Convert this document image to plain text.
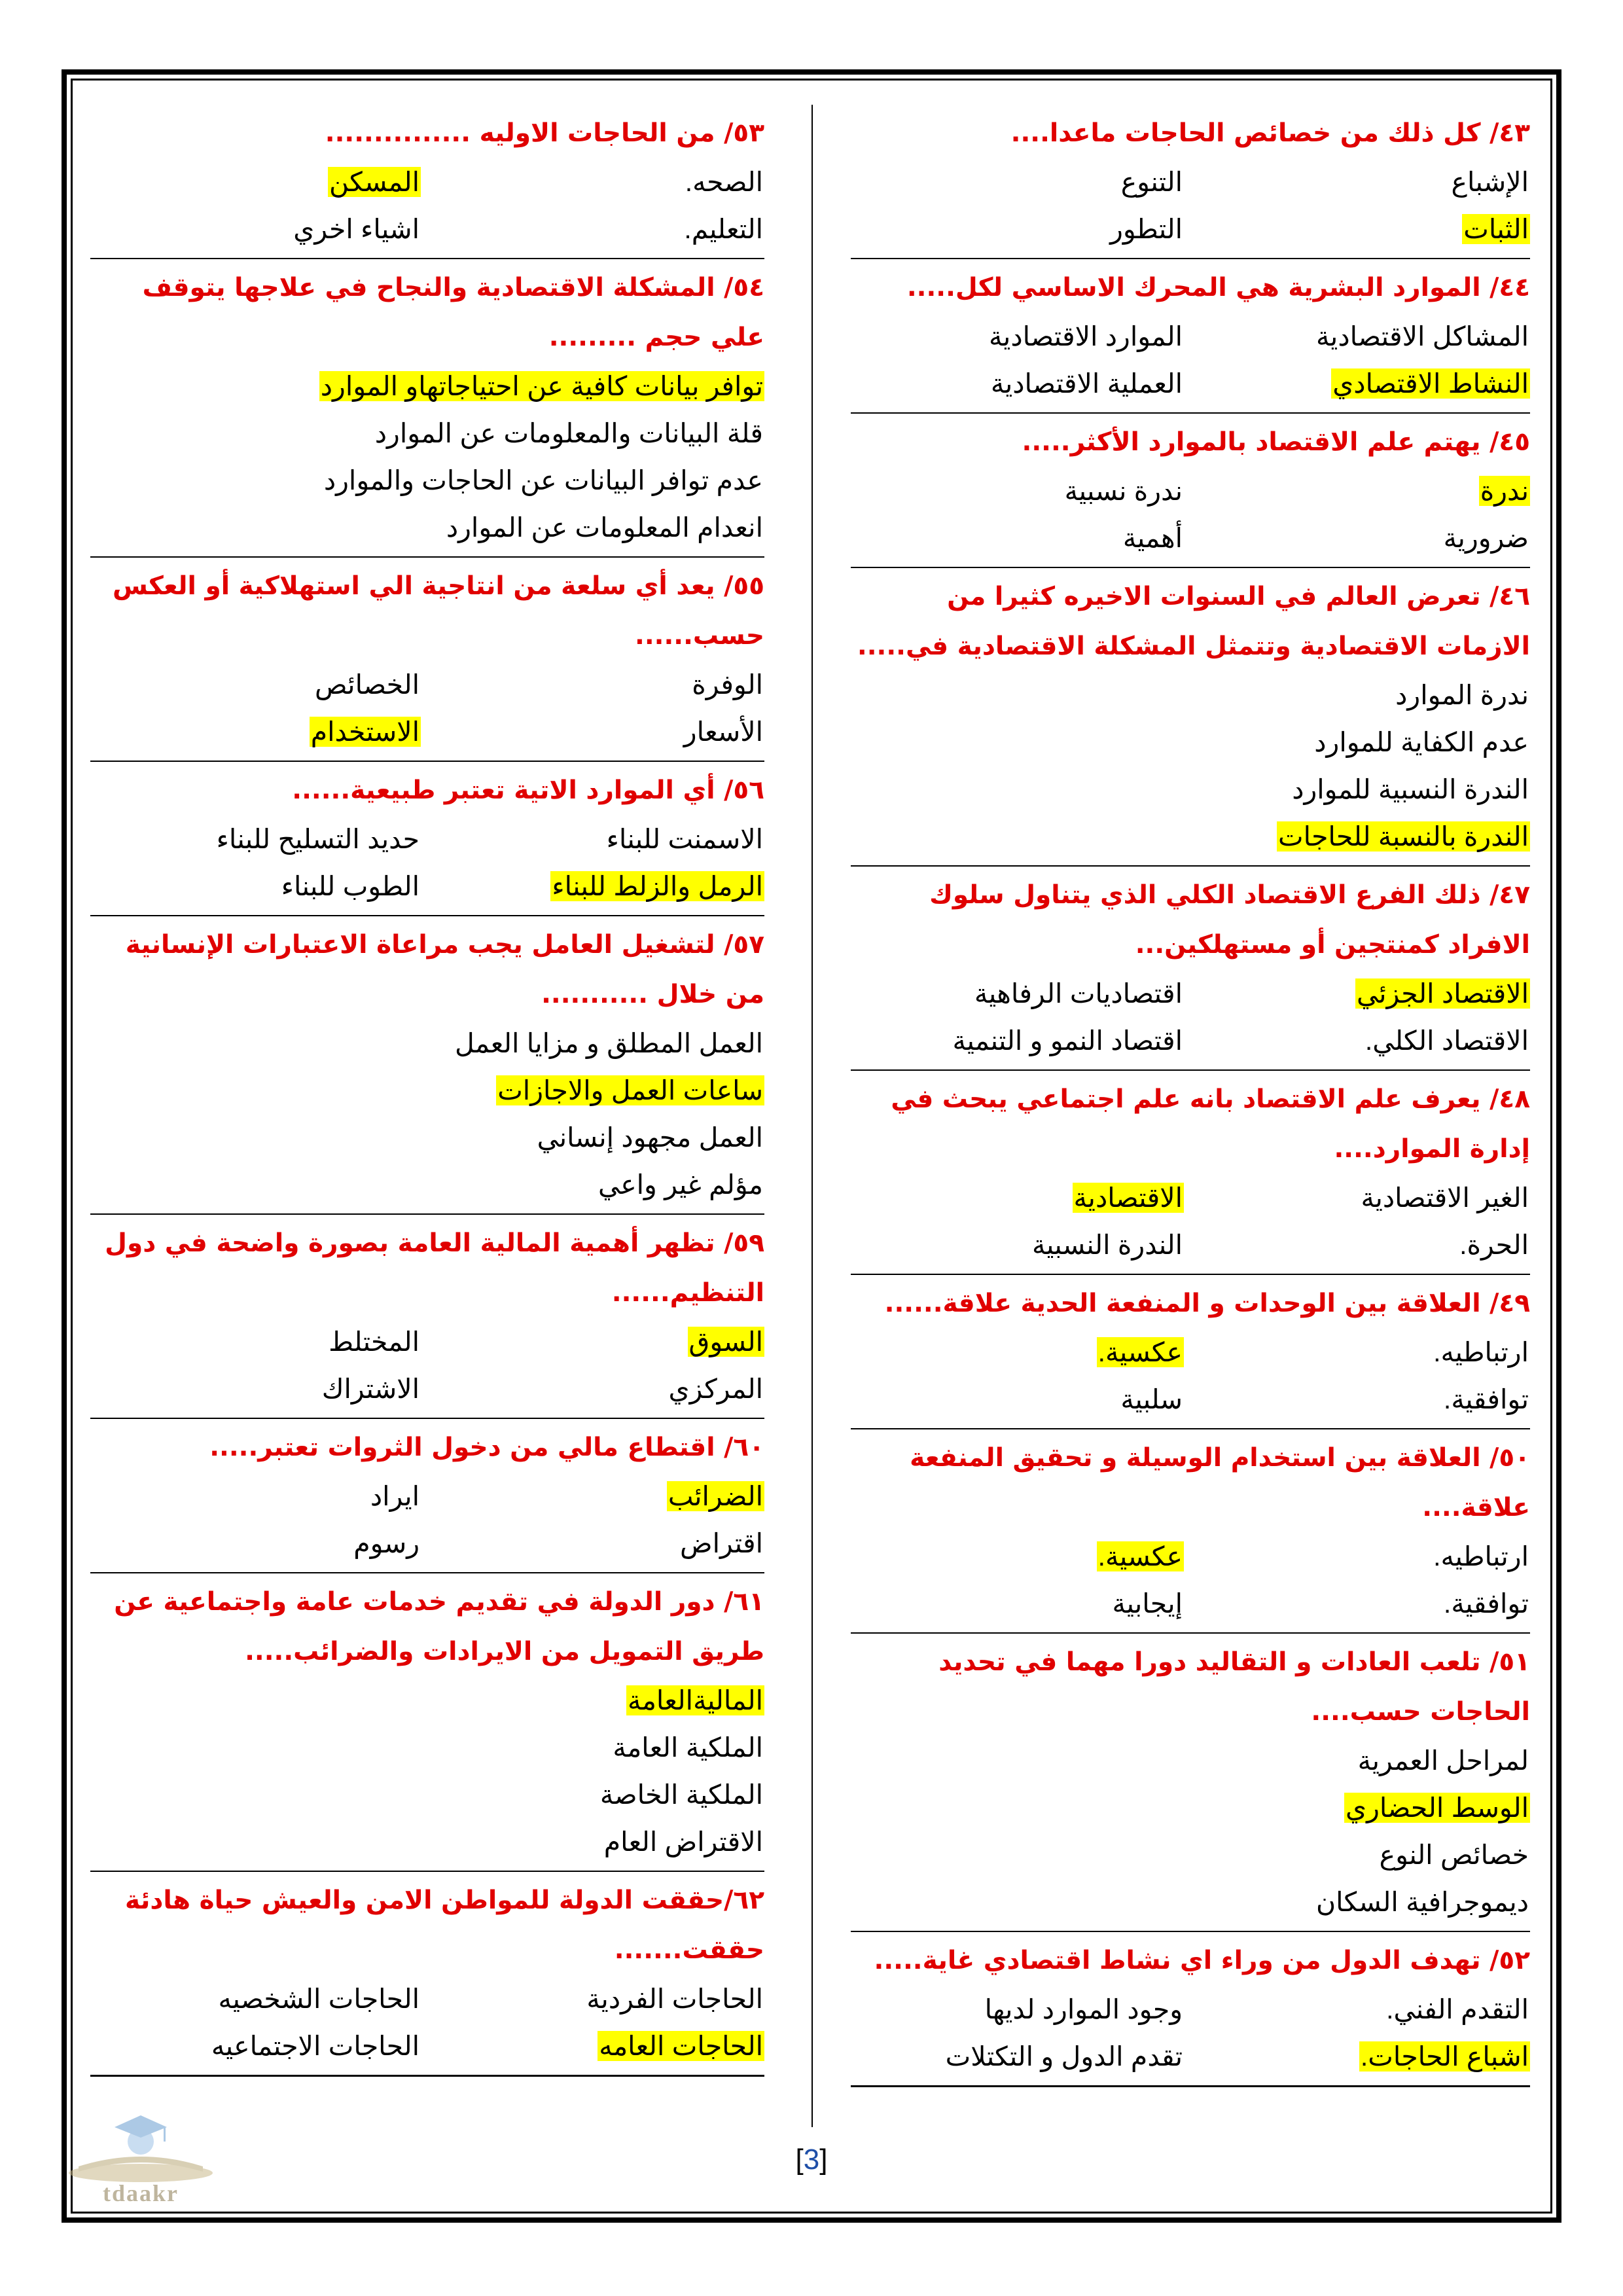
٤٣/ كل ذلك من خصائص الحاجات ماعدا....

الإشباع
التنوع
الثبات
التطور

٤٤/ الموارد البشرية هي المحرك الاساسي لكل.....

المشاكل الاقتصادية
الموارد الاقتصادية
النشاط الاقتصادي
العملية الاقتصادية

٤٥/ يهتم علم الاقتصاد بالموارد الأكثر.....

ندرة
ندرة نسبية
ضرورية
أهمية

٤٦/ تعرض العالم في السنوات الاخيره كثيرا من الازمات الاقتصادية وتتمثل المشكلة الاقتصادية في.....

ندرة الموارد
عدم الكفاية للموارد
الندرة النسبية للموارد
الندرة بالنسبة للحاجات

٤٧/ ذلك الفرع الاقتصاد الكلي الذي يتناول سلوك الافراد كمنتجين أو مستهلكين...

الاقتصاد الجزئي
اقتصاديات الرفاهية
الاقتصاد الكلي.
اقتصاد النمو و التنمية

٤٨/ يعرف علم الاقتصاد بانه علم اجتماعي يبحث في إدارة الموارد....

الغير الاقتصادية
الاقتصادية
الحرة.
الندرة النسبية

٤٩/ العلاقة بين الوحدات و المنفعة الحدية علاقة......

ارتباطيه.
عكسية.
توافقية.
سلبية

٥٠/ العلاقة بين استخدام الوسيلة و تحقيق المنفعة علاقة....

ارتباطيه.
عكسية.
توافقية.
إيجابية

٥١/ تلعب العادات و التقاليد دورا مهما في تحديد الحاجات حسب....

لمراحل العمرية
الوسط الحضاري
خصائص النوع
ديموجرافية السكان

٥٢/ تهدف الدول من وراء اي نشاط اقتصادي غاية.....

التقدم الفني.
وجود الموارد لديها
اشباع الحاجات.
تقدم الدول و التكتلات

٥٣/ من الحاجات الاوليه ...............

الصحه.
المسكن
التعليم.
اشياء اخري

٥٤/ المشكلة الاقتصادية والنجاح في علاجها يتوقف علي حجم .........

توافر بيانات كافية عن احتياجاتهاو الموارد
قلة البيانات والمعلومات عن الموارد
عدم توافر البيانات عن الحاجات والموارد
انعدام المعلومات عن الموارد

٥٥/ يعد أي سلعة من انتاجية الي استهلاكية أو العكس حسب......

الوفرة
الخصائص
الأسعار
الاستخدام

٥٦/ أي الموارد الاتية تعتبر طبيعية......

الاسمنت للبناء
حديد التسليح للبناء
الرمل والزلط للبناء
الطوب للبناء

٥٧/ لتشغيل العامل يجب مراعاة الاعتبارات الإنسانية من خلال ...........

العمل المطلق و مزايا العمل
ساعات العمل والاجازات
العمل مجهود إنساني
مؤلم غير واعي

٥٩/ تظهر أهمية المالية العامة بصورة واضحة في دول التنظيم......

السوق
المختلط
المركزي
الاشتراك

٦٠/ اقتطاع مالي من دخول الثروات تعتبر.....

الضرائب
ايراد
اقتراض
رسوم

٦١/ دور الدولة في تقديم خدمات عامة واجتماعية عن طريق التمويل من الايرادات والضرائب.....

الماليةالعامة
الملكية العامة
الملكية الخاصة
الاقتراض العام

٦٢/حققت الدولة للمواطن الامن والعيش حياة هادئة حققت.......

الحاجات الفردية
الحاجات الشخصيه
الحاجات العامه
الحاجات الاجتماعيه
tdaakr
[3]
